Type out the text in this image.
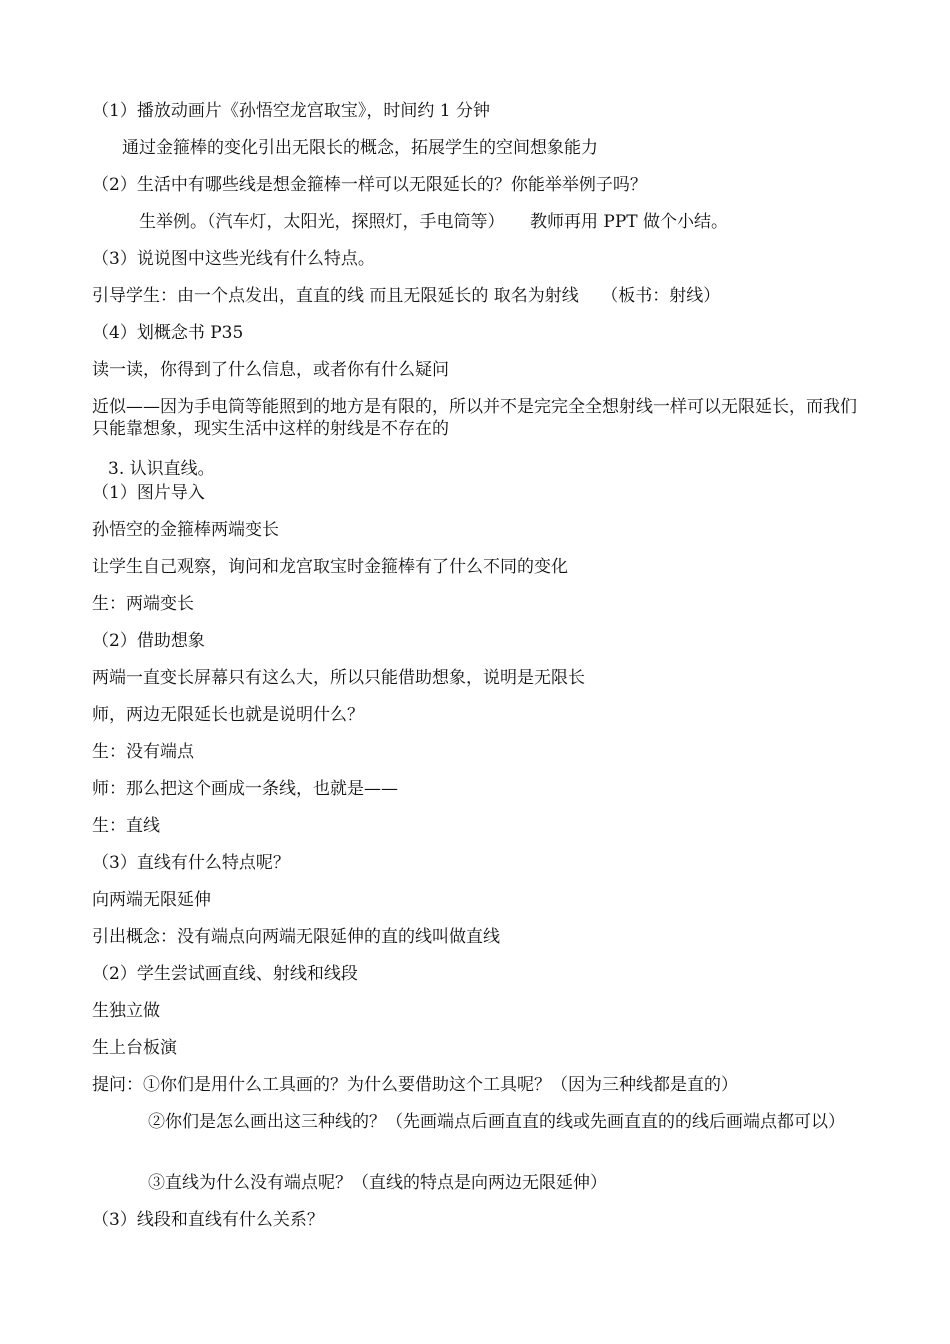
（1）播放动画片《孙悟空龙宫取宝》，时间约 1 分钟
通过金箍棒的变化引出无限长的概念，拓展学生的空间想象能力
（2）生活中有哪些线是想金箍棒一样可以无限延长的？你能举举例子吗？
生举例。（汽车灯，太阳光，探照灯，手电筒等）　　教师再用 PPT 做个小结。
（3）说说图中这些光线有什么特点。
引导学生：由一个点发出，直直的线 而且无限延长的 取名为射线　 （板书：射线）
（4）划概念书 P35
读一读，你得到了什么信息，或者你有什么疑问
近似——因为手电筒等能照到的地方是有限的，所以并不是完完全全想射线一样可以无限延长，而我们只能靠想象，现实生活中这样的射线是不存在的
3. 认识直线。
（1）图片导入
孙悟空的金箍棒两端变长
让学生自己观察，询问和龙宫取宝时金箍棒有了什么不同的变化
生：两端变长
（2）借助想象
两端一直变长屏幕只有这么大，所以只能借助想象，说明是无限长
师，两边无限延长也就是说明什么？
生：没有端点
师：那么把这个画成一条线，也就是——
生：直线
（3）直线有什么特点呢？
向两端无限延伸
引出概念：没有端点向两端无限延伸的直的线叫做直线
（2）学生尝试画直线、射线和线段
生独立做
生上台板演
提问：①你们是用什么工具画的？为什么要借助这个工具呢？（因为三种线都是直的）
②你们是怎么画出这三种线的？（先画端点后画直直的线或先画直直的的线后画端点都可以）
③直线为什么没有端点呢？（直线的特点是向两边无限延伸）
（3）线段和直线有什么关系？
